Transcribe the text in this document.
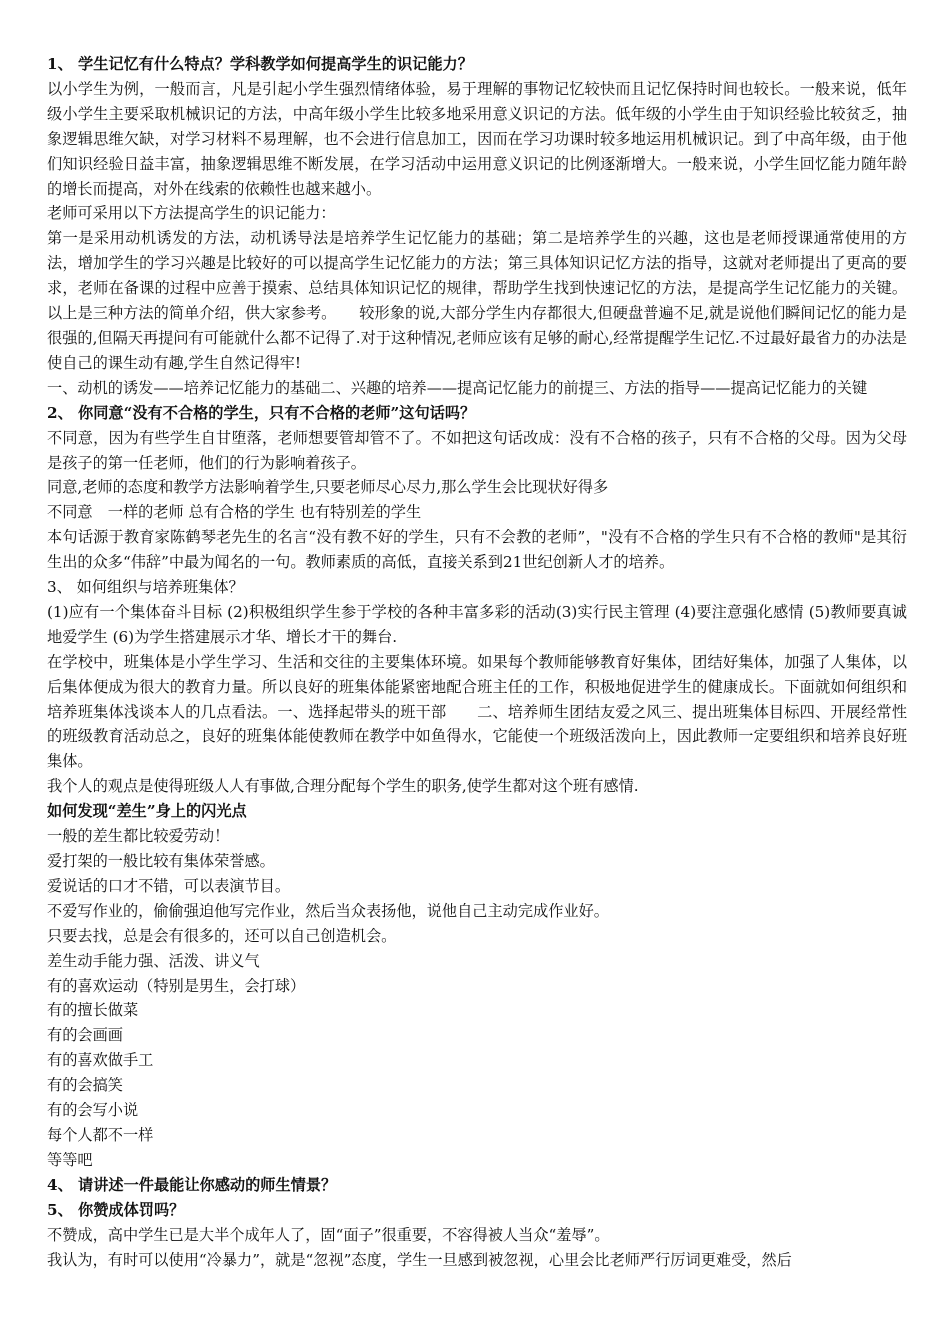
1、 学生记忆有什么特点？学科教学如何提高学生的识记能力？

以小学生为例，一般而言，凡是引起小学生强烈情绪体验，易于理解的事物记忆较快而且记忆保持时间也较长。一般来说，低年级小学生主要采取机械识记的方法，中高年级小学生比较多地采用意义识记的方法。低年级的小学生由于知识经验比较贫乏，抽象逻辑思维欠缺，对学习材料不易理解，也不会进行信息加工，因而在学习功课时较多地运用机械识记。到了中高年级，由于他们知识经验日益丰富，抽象逻辑思维不断发展，在学习活动中运用意义识记的比例逐渐增大。一般来说，小学生回忆能力随年龄的增长而提高，对外在线索的依赖性也越来越小。

老师可采用以下方法提高学生的识记能力：

第一是采用动机诱发的方法，动机诱导法是培养学生记忆能力的基础；第二是培养学生的兴趣，这也是老师授课通常使用的方法，增加学生的学习兴趣是比较好的可以提高学生记忆能力的方法；第三具体知识记忆方法的指导，这就对老师提出了更高的要求，老师在备课的过程中应善于摸索、总结具体知识记忆的规律，帮助学生找到快速记忆的方法，是提高学生记忆能力的关键。以上是三种方法的简单介绍，供大家参考。　　较形象的说,大部分学生内存都很大,但硬盘普遍不足,就是说他们瞬间记忆的能力是很强的,但隔天再提问有可能就什么都不记得了.对于这种情况,老师应该有足够的耐心,经常提醒学生记忆.不过最好最省力的办法是使自己的课生动有趣,学生自然记得牢!

一、动机的诱发——培养记忆能力的基础二、兴趣的培养——提高记忆能力的前提三、方法的指导——提高记忆能力的关键

2、 你同意“没有不合格的学生，只有不合格的老师”这句话吗？

不同意，因为有些学生自甘堕落，老师想要管却管不了。不如把这句话改成：没有不合格的孩子，只有不合格的父母。因为父母是孩子的第一任老师，他们的行为影响着孩子。

同意,老师的态度和教学方法影响着学生,只要老师尽心尽力,那么学生会比现状好得多

不同意　一样的老师 总有合格的学生 也有特别差的学生

本句话源于教育家陈鹤琴老先生的名言“没有教不好的学生，只有不会教的老师”，"没有不合格的学生只有不合格的教师"是其衍生出的众多“伟辞”中最为闻名的一句。教师素质的高低，直接关系到21世纪创新人才的培养。

3、 如何组织与培养班集体？

(1)应有一个集体奋斗目标 (2)积极组织学生参于学校的各种丰富多彩的活动(3)实行民主管理 (4)要注意强化感情 (5)教师要真诚地爱学生 (6)为学生搭建展示才华、增长才干的舞台.

在学校中，班集体是小学生学习、生活和交往的主要集体环境。如果每个教师能够教育好集体，团结好集体，加强了人集体，以后集体便成为很大的教育力量。所以良好的班集体能紧密地配合班主任的工作，积极地促进学生的健康成长。下面就如何组织和培养班集体浅谈本人的几点看法。一、选择起带头的班干部　　二、培养师生团结友爱之风三、提出班集体目标四、开展经常性的班级教育活动总之，良好的班集体能使教师在教学中如鱼得水，它能使一个班级活泼向上，因此教师一定要组织和培养良好班集体。

我个人的观点是使得班级人人有事做,合理分配每个学生的职务,使学生都对这个班有感情.

如何发现“差生”身上的闪光点

一般的差生都比较爱劳动！

爱打架的一般比较有集体荣誉感。

爱说话的口才不错，可以表演节目。

不爱写作业的，偷偷强迫他写完作业，然后当众表扬他，说他自己主动完成作业好。

只要去找，总是会有很多的，还可以自己创造机会。

差生动手能力强、活泼、讲义气

有的喜欢运动（特别是男生，会打球）

有的擅长做菜

有的会画画

有的喜欢做手工

有的会搞笑

有的会写小说

每个人都不一样

等等吧

4、 请讲述一件最能让你感动的师生情景？

5、 你赞成体罚吗？

不赞成，高中学生已是大半个成年人了，固“面子”很重要，不容得被人当众“羞辱”。

我认为，有时可以使用“冷暴力”，就是“忽视”态度，学生一旦感到被忽视，心里会比老师严行厉词更难受，然后
